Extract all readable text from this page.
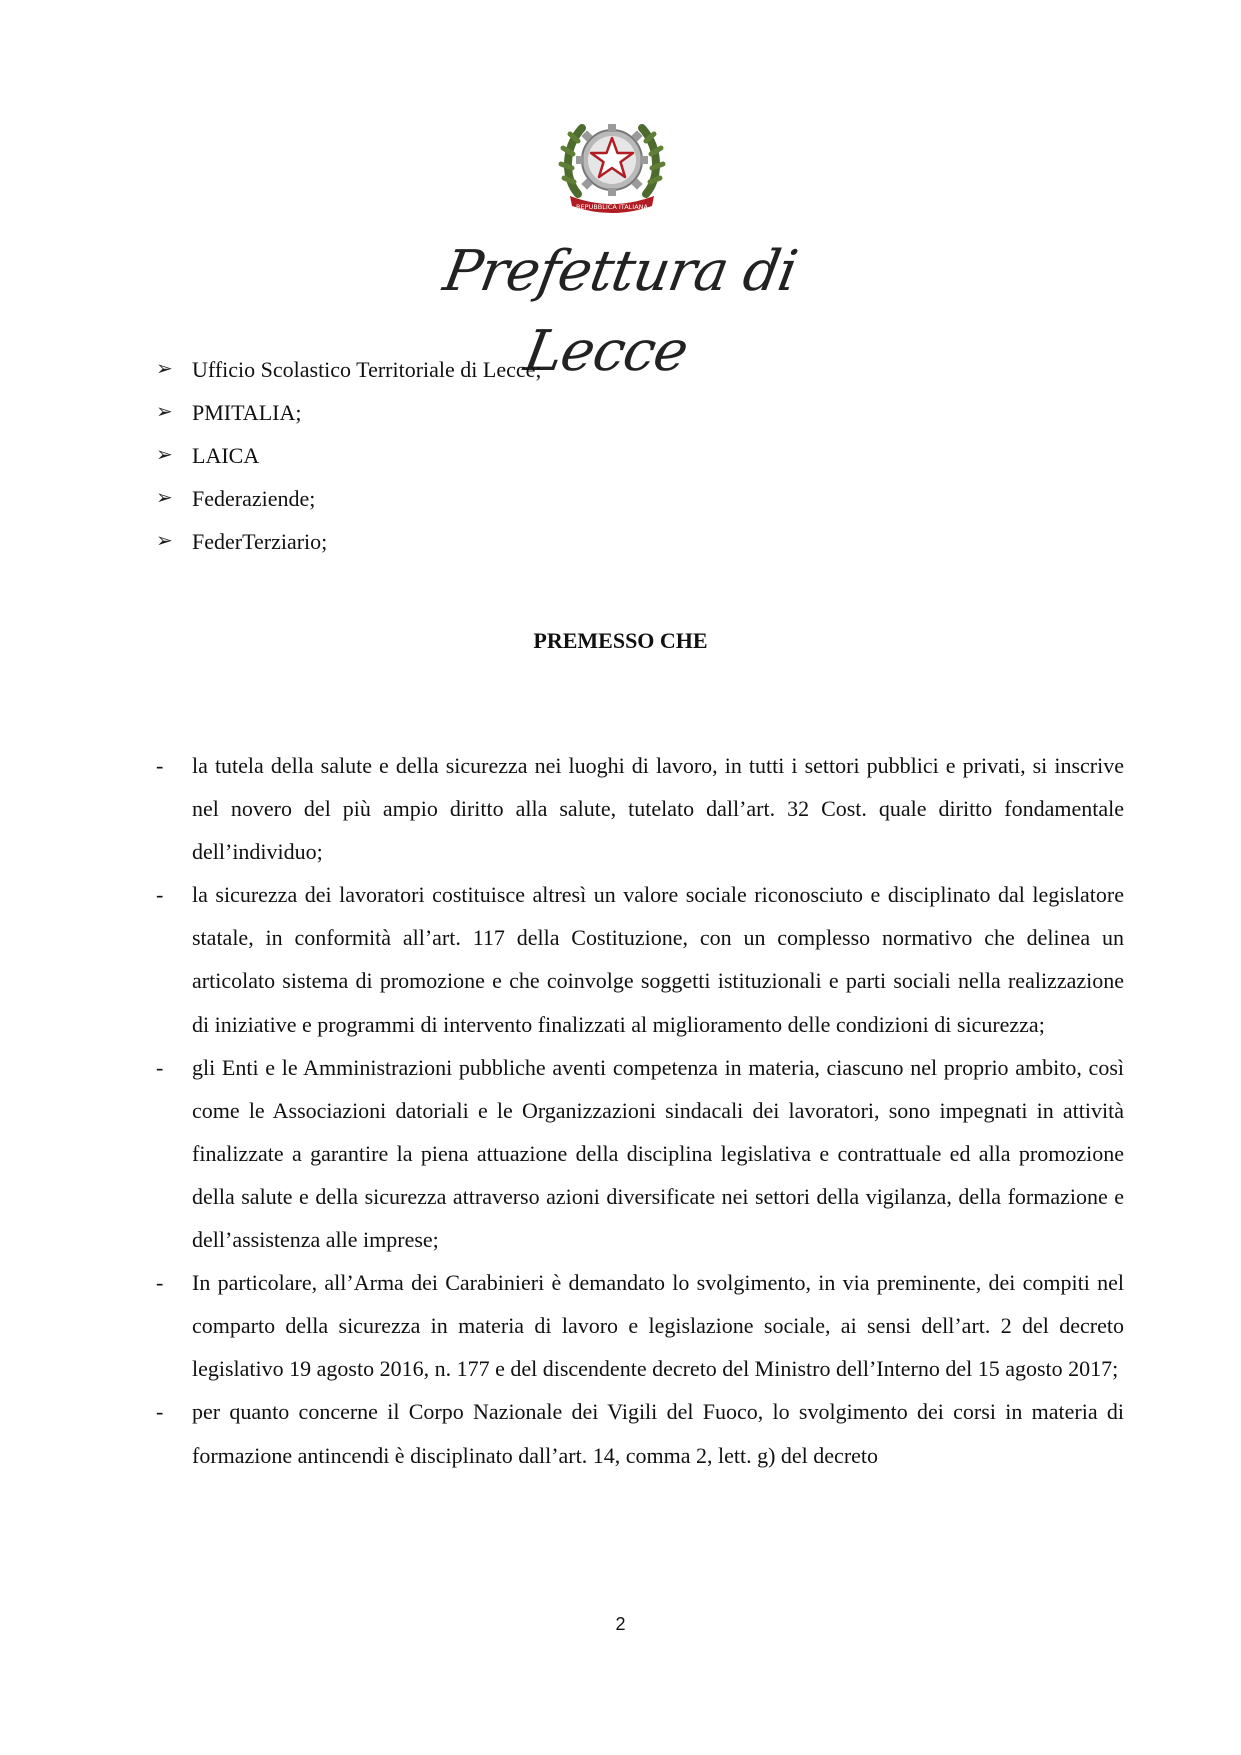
REPUBBLICA ITALIANA
Prefettura di Lecce
➢ Ufficio Scolastico Territoriale di Lecce;
➢ PMITALIA;
➢ LAICA
➢ Federaziende;
➢ FederTerziario;
PREMESSO CHE
- la tutela della salute e della sicurezza nei luoghi di lavoro, in tutti i settori pubblici e privati, si inscrive nel novero del più ampio diritto alla salute, tutelato dall’art. 32 Cost. quale diritto fondamentale dell’individuo;
- la sicurezza dei lavoratori costituisce altresì un valore sociale riconosciuto e disciplinato dal legislatore statale, in conformità all’art. 117 della Costituzione, con un complesso normativo che delinea un articolato sistema di promozione e che coinvolge soggetti istituzionali e parti sociali nella realizzazione di iniziative e programmi di intervento finalizzati al miglioramento delle condizioni di sicurezza;
- gli Enti e le Amministrazioni pubbliche aventi competenza in materia, ciascuno nel proprio ambito, così come le Associazioni datoriali e le Organizzazioni sindacali dei lavoratori, sono impegnati in attività finalizzate a garantire la piena attuazione della disciplina legislativa e contrattuale ed alla promozione della salute e della sicurezza attraverso azioni diversificate nei settori della vigilanza, della formazione e dell’assistenza alle imprese;
- In particolare, all’Arma dei Carabinieri è demandato lo svolgimento, in via preminente, dei compiti nel comparto della sicurezza in materia di lavoro e legislazione sociale, ai sensi dell’art. 2 del decreto legislativo 19 agosto 2016, n. 177 e del discendente decreto del Ministro dell’Interno del 15 agosto 2017;
- per quanto concerne il Corpo Nazionale dei Vigili del Fuoco, lo svolgimento dei corsi in materia di formazione antincendi è disciplinato dall’art. 14, comma 2, lett. g) del decreto
2
